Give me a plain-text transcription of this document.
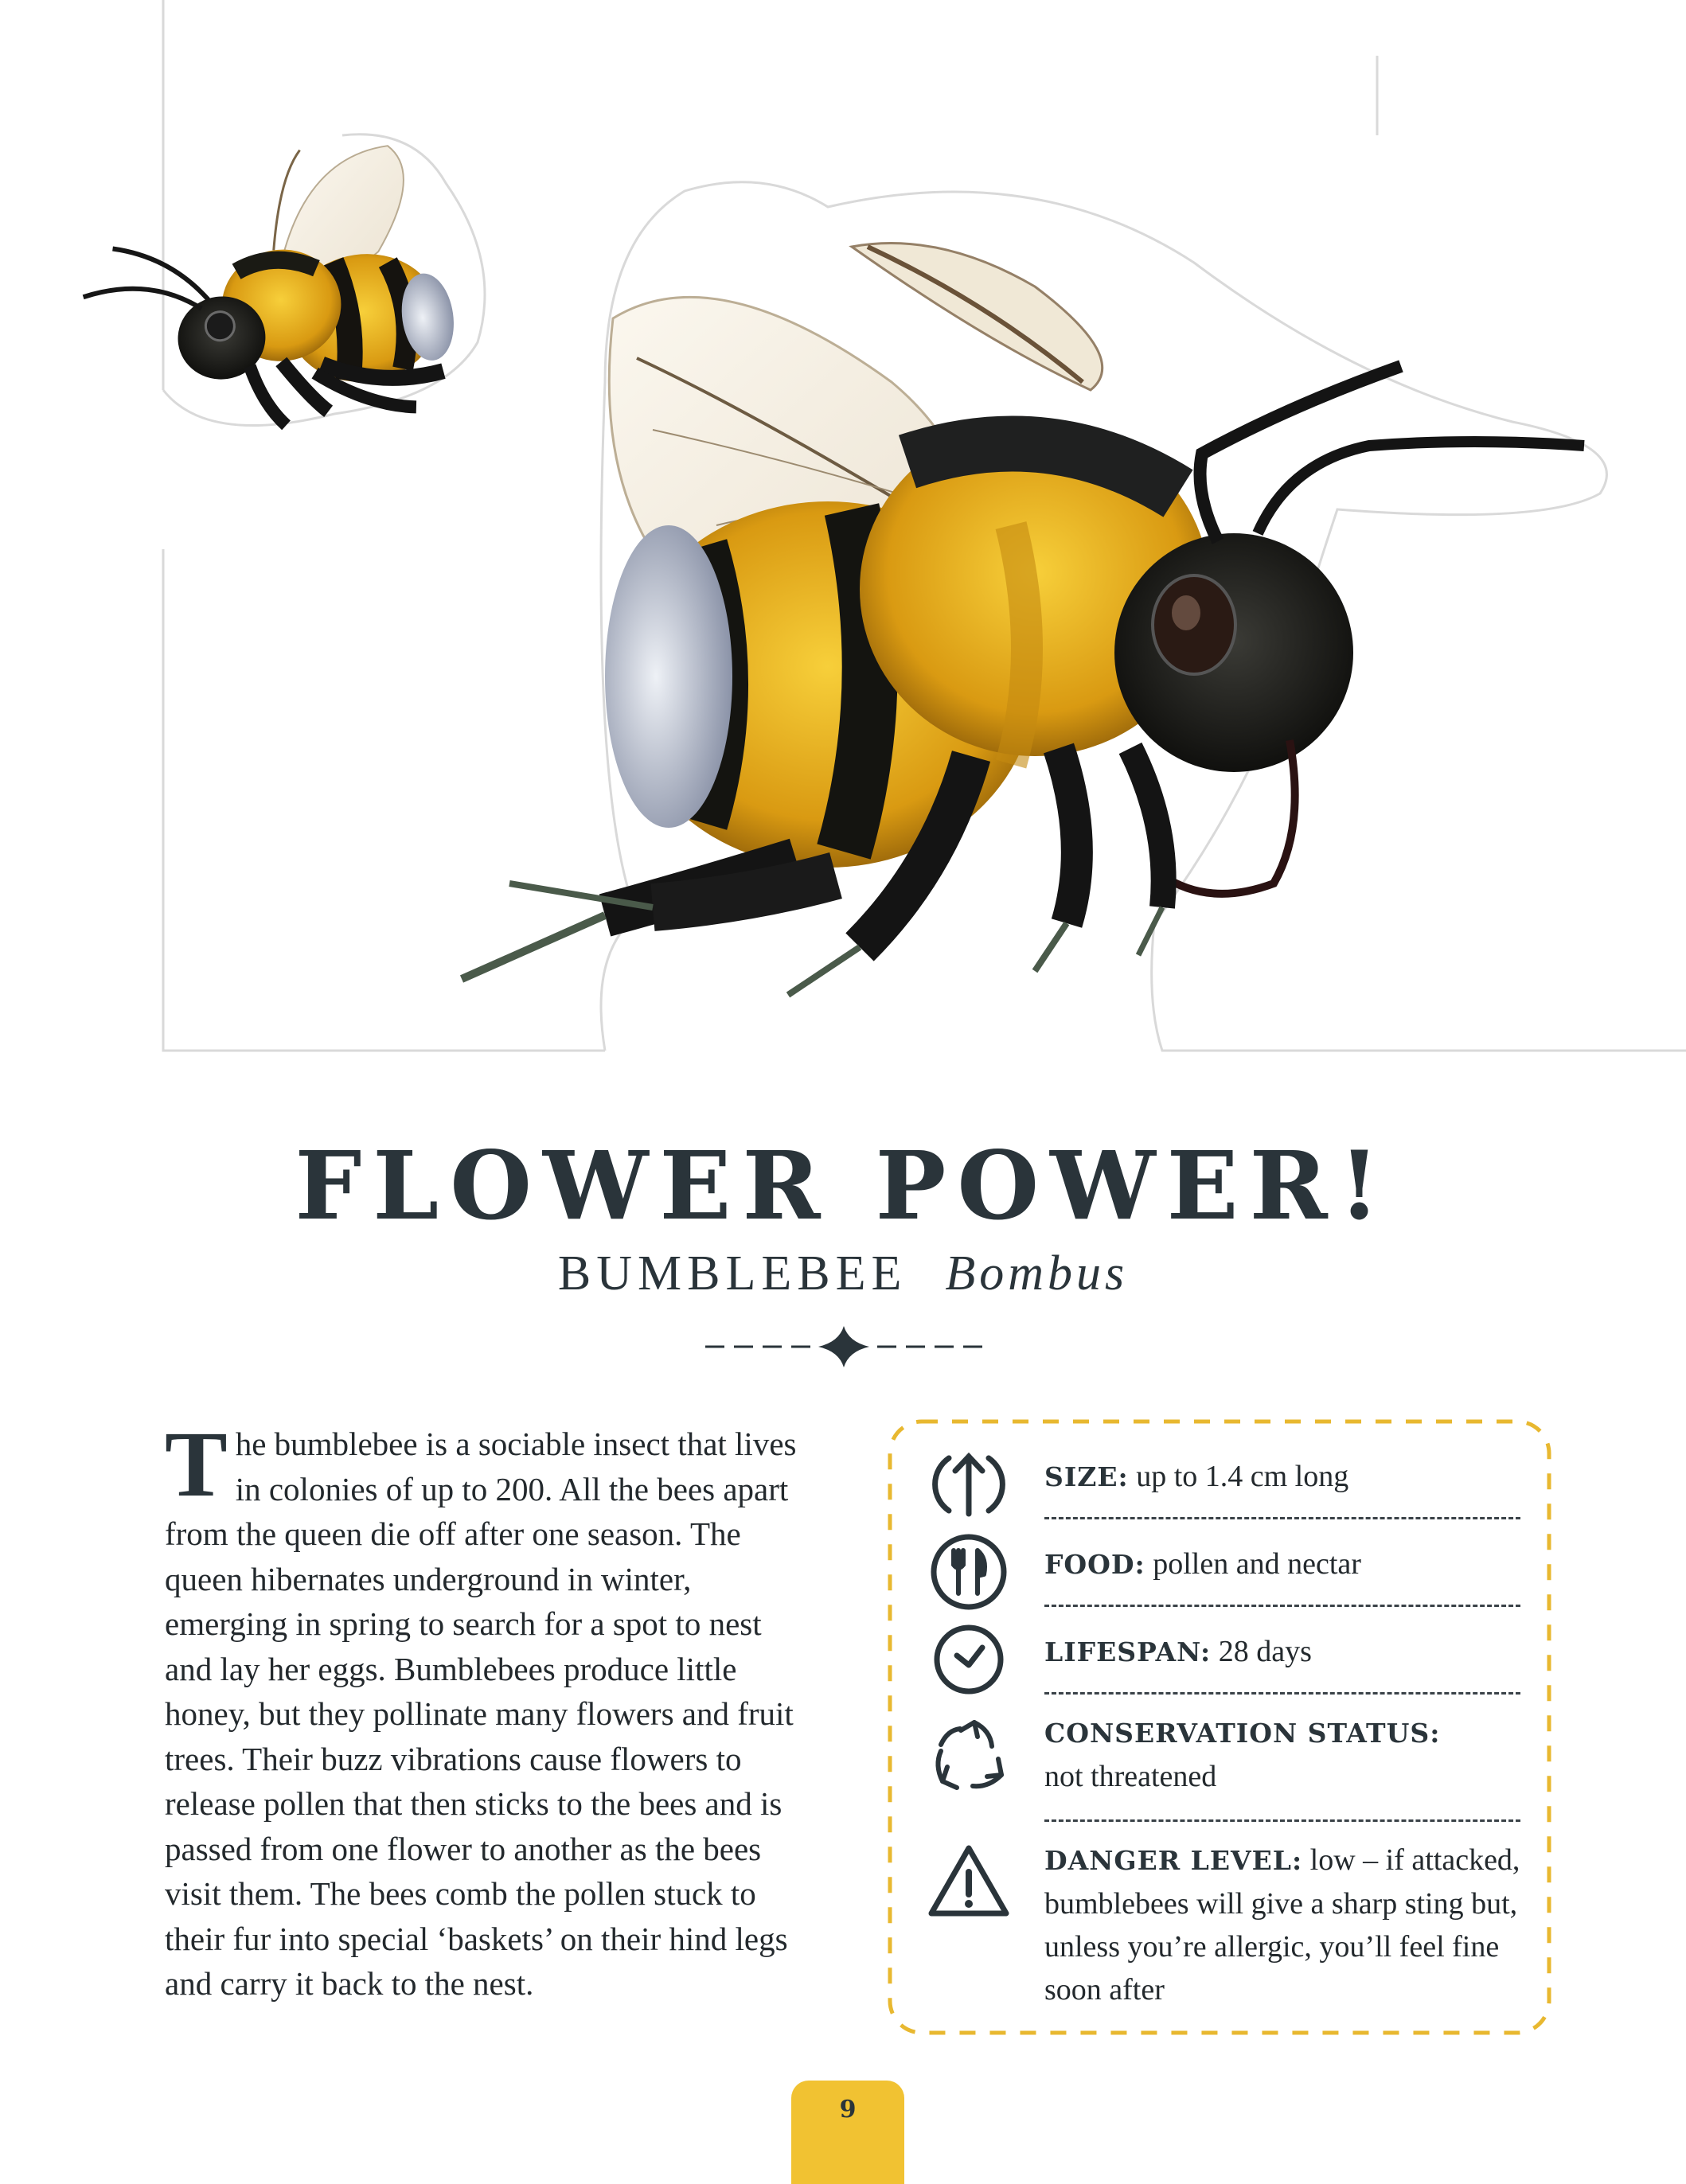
FLOWER POWER!
BUMBLEBEE Bombus
The bumblebee is a sociable insect that lives in colonies of up to 200. All the bees apart from the queen die off after one season. The queen hibernates underground in winter, emerging in spring to search for a spot to nest and lay her eggs. Bumblebees produce little honey, but they pollinate many flowers and fruit trees. Their buzz vibrations cause flowers to release pollen that then sticks to the bees and is passed from one flower to another as the bees visit them. The bees comb the pollen stuck to their fur into special ‘baskets’ on their hind legs and carry it back to the nest.
SIZE: up to 1.4 cm long
FOOD: pollen and nectar
LIFESPAN: 28 days
CONSERVATION STATUS:
not threatened
DANGER LEVEL: low – if attacked, bumblebees will give a sharp sting but, unless you’re allergic, you’ll feel fine soon after
9
